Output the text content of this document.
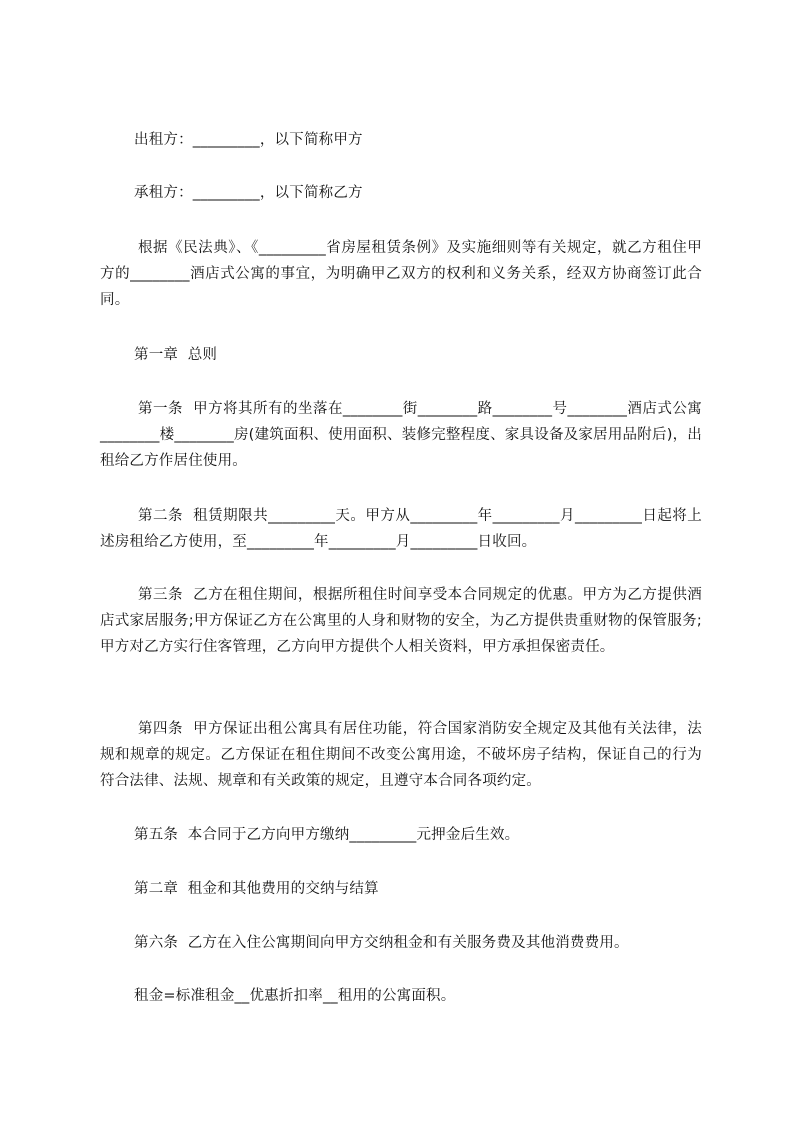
出租方：_________，以下简称甲方
承租方：_________，以下简称乙方
根据《民法典》、《_________省房屋租赁条例》及实施细则等有关规定，就乙方租住甲方的________酒店式公寓的事宜，为明确甲乙双方的权利和义务关系，经双方协商签订此合同。
第一章  总则
第一条  甲方将其所有的坐落在________街________路________号________酒店式公寓________楼________房(建筑面积、使用面积、装修完整程度、家具设备及家居用品附后)，出租给乙方作居住使用。
第二条  租赁期限共_________天。甲方从_________年_________月_________日起将上述房租给乙方使用，至_________年_________月_________日收回。
第三条  乙方在租住期间，根据所租住时间享受本合同规定的优惠。甲方为乙方提供酒店式家居服务;甲方保证乙方在公寓里的人身和财物的安全，为乙方提供贵重财物的保管服务;甲方对乙方实行住客管理，乙方向甲方提供个人相关资料，甲方承担保密责任。
第四条  甲方保证出租公寓具有居住功能，符合国家消防安全规定及其他有关法律，法规和规章的规定。乙方保证在租住期间不改变公寓用途，不破坏房子结构，保证自己的行为符合法律、法规、规章和有关政策的规定，且遵守本合同各项约定。
第五条  本合同于乙方向甲方缴纳_________元押金后生效。
第二章  租金和其他费用的交纳与结算
第六条  乙方在入住公寓期间向甲方交纳租金和有关服务费及其他消费费用。
租金=标准租金__优惠折扣率__租用的公寓面积。
